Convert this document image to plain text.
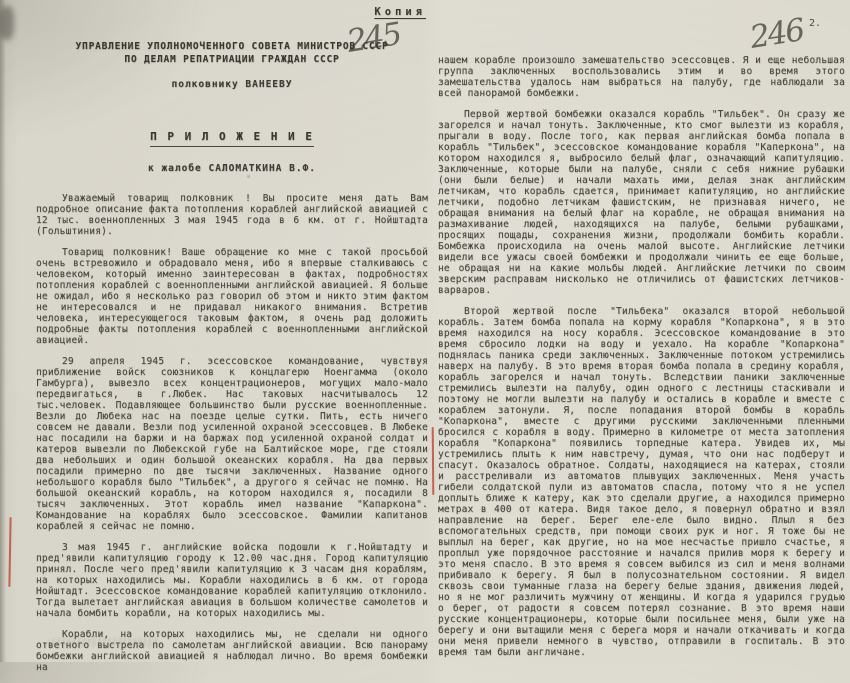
Копия
245
УПРАВЛЕНИЕ УПОЛНОМОЧЕННОГО СОВЕТА МИНИСТРОВ СССР
ПО ДЕЛАМ РЕПАТРИАЦИИ ГРАЖДАН СССР
полковнику ВАНЕЕВУ
П Р И Л О Ж Е Н И Е
к жалобе САЛОМАТКИНА В.Ф.

Уважаемый товарищ полковник ! Вы просите меня дать Вам подробное описание факта потопления кораблей английской авиацией с 12 тыс. военнопленных 3 мая 1945 года в 6 км. от г. Нойштадта (Гольштиния).

Товарищ полковник! Ваше обращение ко мне с такой просьбой очень встревожило и обрадовало меня, ибо я впервые сталкиваюсь с человеком, который именно заинтересован в фактах, подробностях потопления кораблей с военнопленными английской авиацией. Я больше не ожидал, ибо я несколько раз говорил об этом и никто этим фактом не интересовался и не придавал никакого внимания. Встретив человека, интересующегося таковым фактом, я очень рад доложить подробные факты потопления кораблей с военнопленными английской авиацией.

29 апреля 1945 г. эсессовское командование, чувствуя приближение войск союзников к концлагерю Ноенгамма (около Гамбурга), вывезло всех концентрационеров, могущих мало-мало передвигаться, в г.Любек. Нас таковых насчитывалось 12 тыс.человек. Подавляющее большинство были русские военнопленные. Везли до Любека нас на поезде целые сутки. Пить, есть ничего совсем не давали. Везли под усиленной охраной эсессовцев. В Любеке нас посадили на баржи и на баржах под усиленной охраной солдат и катеров вывезли по Любекской губе на Балтийское море, где стояли два небольших и один большой океанских корабля. На два первых посадили примерно по две тысячи заключенных. Название одного небольшого корабля было "Тильбек", а другого я сейчас не помню. На большой океанский корабль, на котором находился я, посадили 8 тысяч заключенных. Этот корабль имел название "Капаркона". Командование на кораблях было эсессовское. Фамилии капитанов кораблей я сейчас не помню.

3 мая 1945 г. английские войска подошли к г.Нойштадту и пред'явили капитуляцию городу к 12.00 час.дня. Город капитуляцию принял. После чего пред'явили капитуляцию к 3 часам дня кораблям, на которых находились мы. Корабли находились в 6 км. от города Нойштадт. Эсессовское командование кораблей капитуляцию отклонило. Тогда вылетает английская авиация в большом количестве самолетов и начала бомбить корабли, на которых находились мы.

Корабли, на которых находились мы, не сделали ни одного ответного выстрела по самолетам английской авиации. Всю панораму бомбежки английской авиацией я наблюдал лично. Во время бомбежки на

246 2.

нашем корабле произошло замешательство эсессовцев. Я и еще небольшая группа заключенных воспользовались этим и во время этого замешательства удалось нам выбраться на палубу, где наблюдали за всей панорамой бомбежки.

Первой жертвой бомбежки оказался корабль "Тильбек". Он сразу же загорелся и начал тонуть. Заключенные, кто смог вылезти из корабля, прыгали в воду. После того, как первая английская бомба попала в корабль "Тильбек", эсессовское командование корабля "Каперкона", на котором находился я, выбросило белый флаг, означающий капитуляцию. Заключенные, которые были на палубе, сняли с себя нижние рубашки (они были белые) и начали махать ими, делая знак английским летчикам, что корабль сдается, принимает капитуляцию, но английские летчики, подобно летчикам фашистским, не признавая ничего, не обращая внимания на белый флаг на корабле, не обращая внимания на размахивание людей, находящихся на палубе, белыми рубашками, просящих пощады, сохранения жизни, продолжали бомбить корабли. Бомбежка происходила на очень малой высоте. Английские летчики видели все ужасы своей бомбежки и продолжали чинить ее еще больше, не обращая ни на какие мольбы людей. Английские летчики по своим зверским расправам нисколько не отличились от фашистских летчиков-варваров.

Второй жертвой после "Тильбека" оказался второй небольшой корабль. Затем бомба попала на корму корабля "Копаркона", я в это время находился на носу корабля. Эсессовское командование в это время сбросило лодки на воду и уехало. На корабле "Копаркона" поднялась паника среди заключенных. Заключенные потоком устремились наверх на палубу. В это время вторая бомба попала в средину корабля, корабль загорелся и начал тонуть. Вследствии паники заключенные стремились вылезти на палубу, один одного с лестницы стаскивали и поэтому не могли вылезти на палубу и остались в корабле и вместе с кораблем затонули. Я, после попадания второй бомбы в корабль "Копаркона", вместе с другими русскими заключенными пленными бросился с корабля в воду. Примерно в километре от места затопления корабля "Копаркона" появились торпедные катера. Увидев их, мы устремились плыть к ним навстречу, думая, что они нас подберут и спасут. Оказалось обратное. Солдаты, находящиеся на катерах, стояли и расстреливали из автоматов плывущих заключенных. Меня участь гибели солдатской пули из автоматов спасла, потому что я не успел доплыть ближе к катеру, как это сделали другие, а находился примерно метрах в 400 от катера. Видя такое дело, я повернул обратно и взял направление на берег. Берег еле-еле было видно. Плыл я без вспомогательных средств, при помощи своих рук и ног. Я тоже бы не выплыл на берег, как другие, но на мое несчастье пришло счастье, я проплыл уже порядочное расстояние и начался прилив моря к берегу и это меня спасло. В это время я совсем выбился из сил и меня волнами прибивало к берегу. Я был в полусознательном состоянии. Я видел сквозь свои туманные глаза на берегу белые здания, движения людей, но я не мог различить мужчину от женщины. И когда я ударился грудью о берег, от радости я совсем потерял сознание. В это время наши русские концентрационеры, которые были посильнее меня, были уже на берегу и они вытащили меня с берега моря и начали откачивать и когда они меня привели немного в чувство, отправили в госпиталь. В это время там были англичане.
